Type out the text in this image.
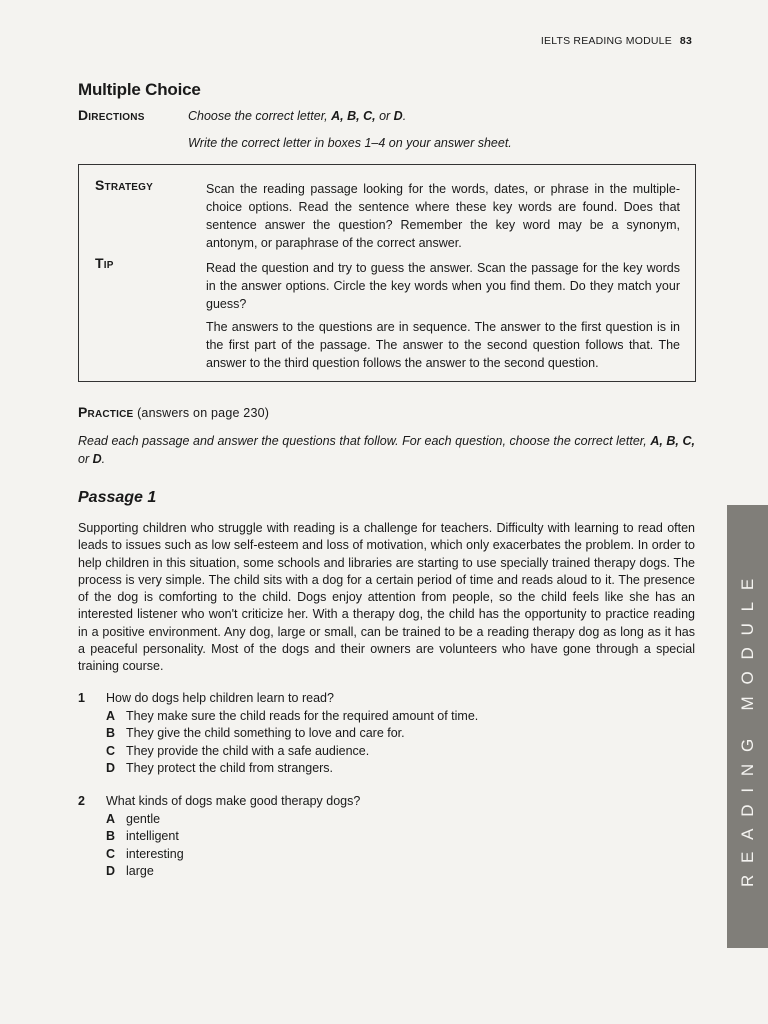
IELTS READING MODULE 83
Multiple Choice
Directions	Choose the correct letter, A, B, C, or D.
Write the correct letter in boxes 1–4 on your answer sheet.
Strategy	Scan the reading passage looking for the words, dates, or phrase in the multiple-choice options. Read the sentence where these key words are found. Does that sentence answer the question? Remember the key word may be a synonym, antonym, or paraphrase of the correct answer.
Tip	Read the question and try to guess the answer. Scan the passage for the key words in the answer options. Circle the key words when you find them. Do they match your guess?
The answers to the questions are in sequence. The answer to the first question is in the first part of the passage. The answer to the second question follows that. The answer to the third question follows the answer to the second question.
Practice (answers on page 230)
Read each passage and answer the questions that follow. For each question, choose the correct letter, A, B, C, or D.
Passage 1
Supporting children who struggle with reading is a challenge for teachers. Difficulty with learning to read often leads to issues such as low self-esteem and loss of motivation, which only exacerbates the problem. In order to help children in this situation, some schools and libraries are starting to use specially trained therapy dogs. The process is very simple. The child sits with a dog for a certain period of time and reads aloud to it. The presence of the dog is comforting to the child. Dogs enjoy attention from people, so the child feels like she has an interested listener who won't criticize her. With a therapy dog, the child has the opportunity to practice reading in a positive environment. Any dog, large or small, can be trained to be a reading therapy dog as long as it has a peaceful personality. Most of the dogs and their owners are volunteers who have gone through a special training course.
1	How do dogs help children learn to read?
A They make sure the child reads for the required amount of time.
B They give the child something to love and care for.
C They provide the child with a safe audience.
D They protect the child from strangers.
2	What kinds of dogs make good therapy dogs?
A gentle
B intelligent
C interesting
D large	READING MODULE
